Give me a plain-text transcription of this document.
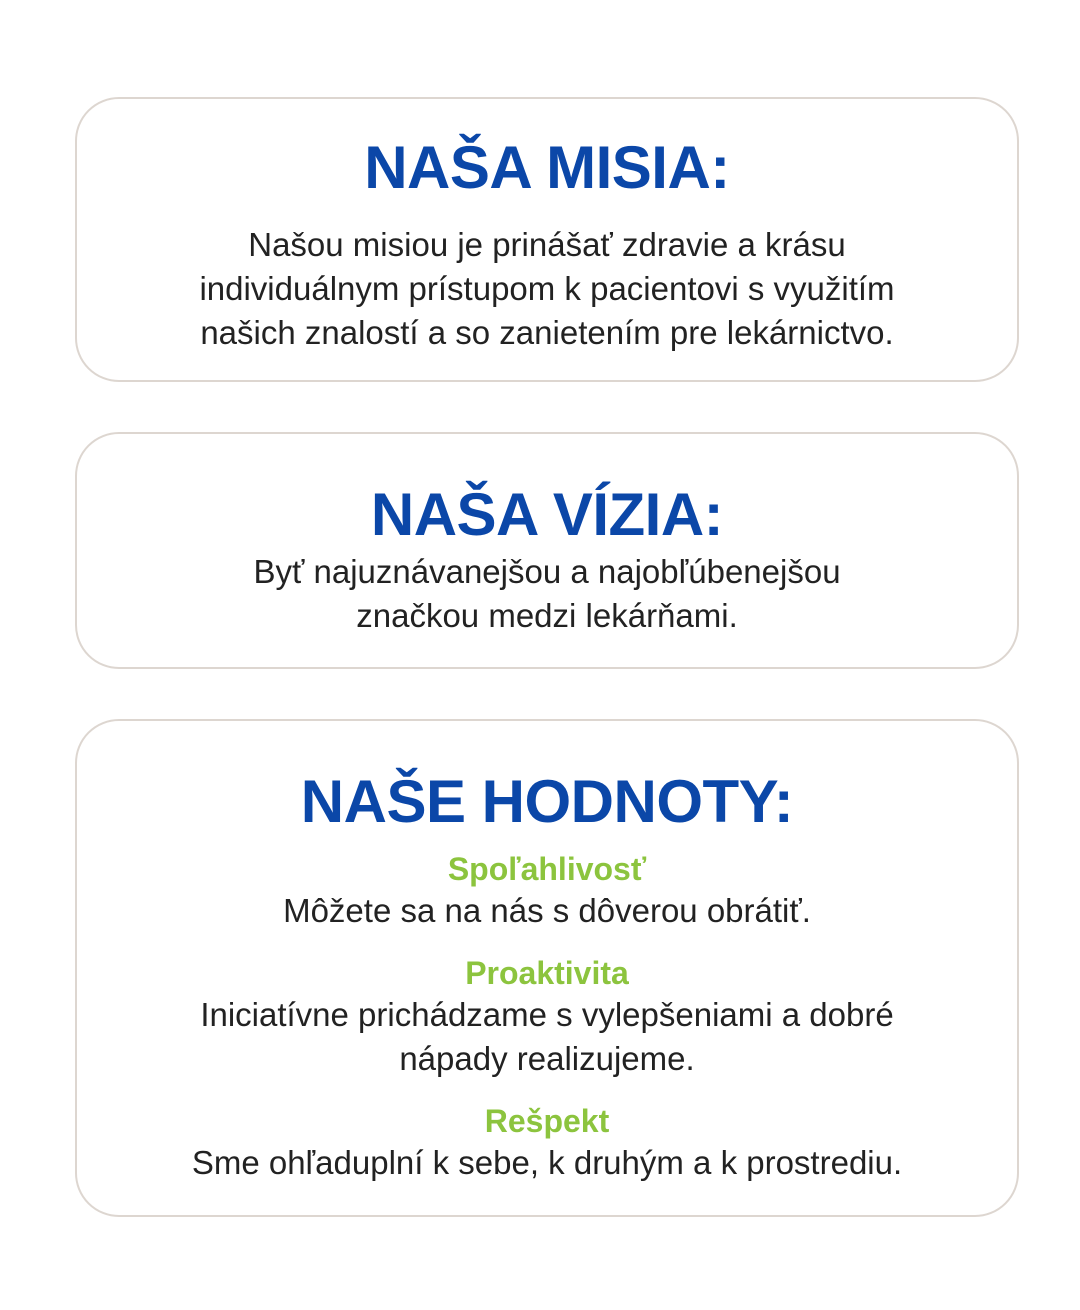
NAŠA MISIA:

Našou misiou je prinášať zdravie a krásu
individuálnym prístupom k pacientovi s využitím
našich znalostí a so zanietením pre lekárnictvo.

NAŠA VÍZIA:

Byť najuznávanejšou a najobľúbenejšou
značkou medzi lekárňami.

NAŠE HODNOTY:

Spoľahlivosť

Môžete sa na nás s dôverou obrátiť.

Proaktivita

Iniciatívne prichádzame s vylepšeniami a dobré
nápady realizujeme.

Rešpekt

Sme ohľaduplní k sebe, k druhým a k prostrediu.
